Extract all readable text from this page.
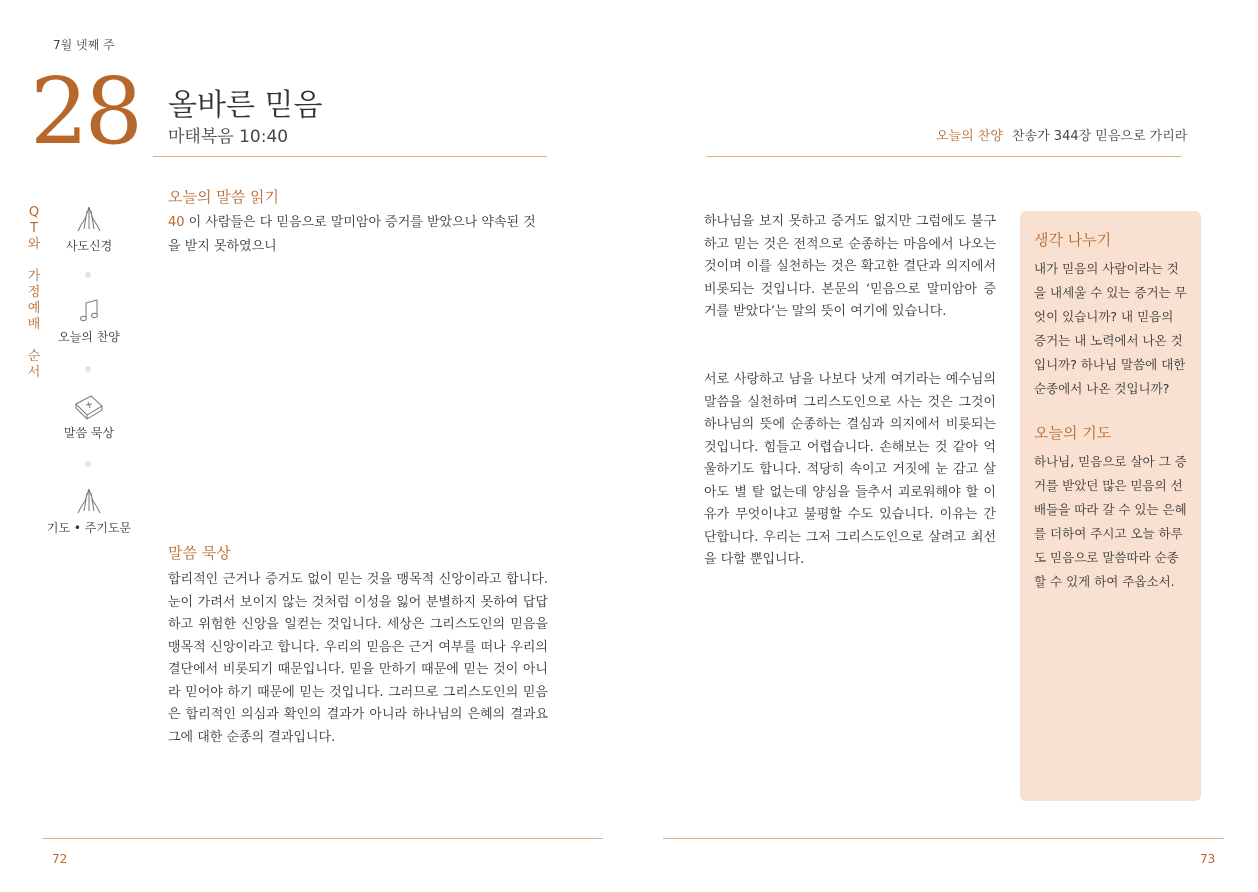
7월 넷째 주
28 올바른 믿음
마태복음 10:40	오늘의 찬양 찬송가 344장 믿음으로 가리라
Q
T
와
가
정
예
배
순
서
사도신경
오늘의 찬양
말씀 묵상
기도 • 주기도문
오늘의 말씀 읽기
40 이 사람들은 다 믿음으로 말미암아 증거를 받았으나 약속된 것을 받지 못하였으니
말씀 묵상
합리적인 근거나 증거도 없이 믿는 것을 맹목적 신앙이라고 합니다. 눈이 가려서 보이지 않는 것처럼 이성을 잃어 분별하지 못하여 답답하고 위험한 신앙을 일컫는 것입니다. 세상은 그리스도인의 믿음을 맹목적 신앙이라고 합니다. 우리의 믿음은 근거 여부를 떠나 우리의 결단에서 비롯되기 때문입니다. 믿을 만하기 때문에 믿는 것이 아니라 믿어야 하기 때문에 믿는 것입니다. 그러므로 그리스도인의 믿음은 합리적인 의심과 확인의 결과가 아니라 하나님의 은혜의 결과요 그에 대한 순종의 결과입니다.
하나님을 보지 못하고 증거도 없지만 그럼에도 불구하고 믿는 것은 전적으로 순종하는 마음에서 나오는 것이며 이를 실천하는 것은 확고한 결단과 의지에서 비롯되는 것입니다. 본문의 ‘믿음으로 말미암아 증거를 받았다’는 말의 뜻이 여기에 있습니다.
서로 사랑하고 남을 나보다 낫게 여기라는 예수님의 말씀을 실천하며 그리스도인으로 사는 것은 그것이 하나님의 뜻에 순종하는 결심과 의지에서 비롯되는 것입니다. 힘들고 어렵습니다. 손해보는 것 같아 억울하기도 합니다. 적당히 속이고 거짓에 눈 감고 살아도 별 탈 없는데 양심을 들추서 괴로워해야 할 이유가 무엇이냐고 불평할 수도 있습니다. 이유는 간단합니다. 우리는 그저 그리스도인으로 살려고 최선을 다할 뿐입니다.
생각 나누기
내가 믿음의 사람이라는 것을 내세울 수 있는 증거는 무엇이 있습니까? 내 믿음의 증거는 내 노력에서 나온 것입니까? 하나님 말씀에 대한 순종에서 나온 것입니까?
오늘의 기도
하나님, 믿음으로 살아 그 증거를 받았던 많은 믿음의 선배들을 따라 갈 수 있는 은혜를 더하여 주시고 오늘 하루도 믿음으로 말씀따라 순종할 수 있게 하여 주옵소서.
72	73
